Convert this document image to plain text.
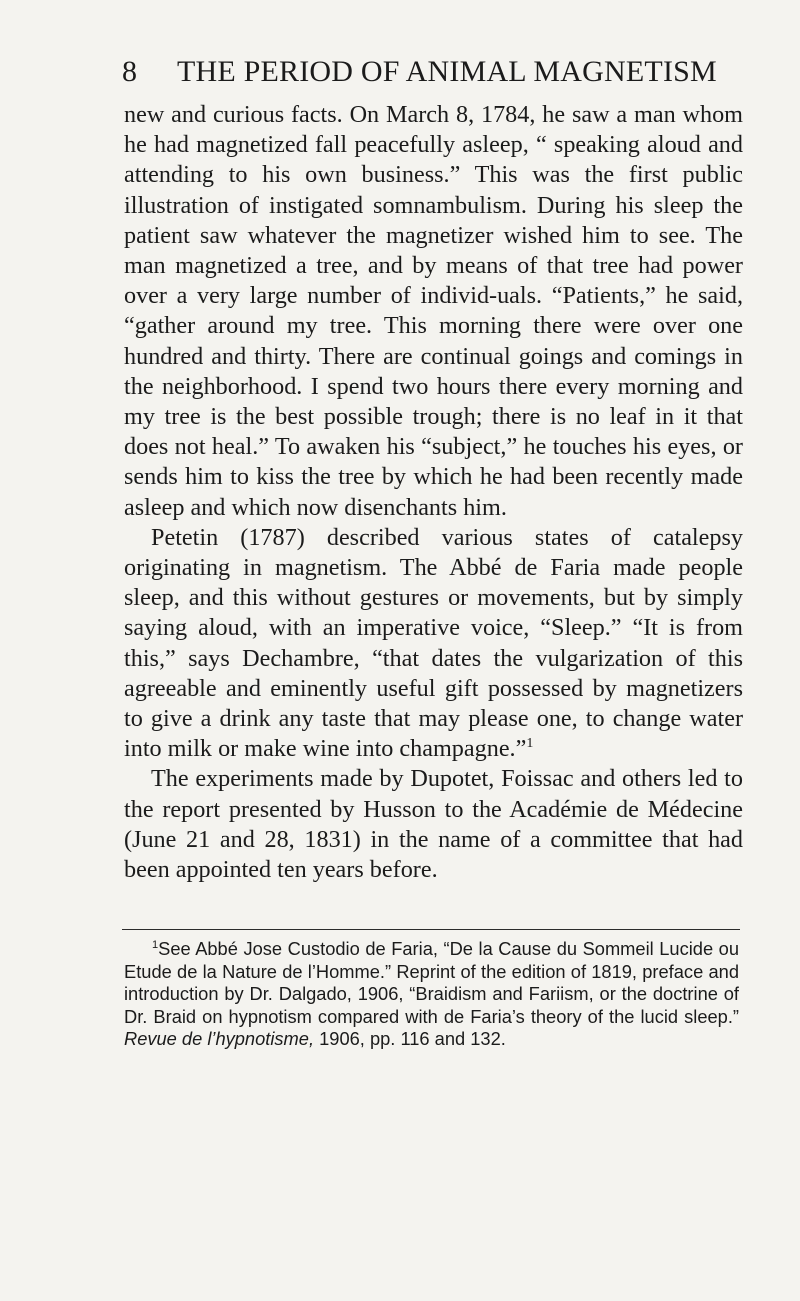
8 THE PERIOD OF ANIMAL MAGNETISM

new and curious facts. On March 8, 1784, he saw a man whom he had magnetized fall peacefully asleep, “ speaking aloud and attending to his own business.” This was the first public illustration of instigated somnambulism. During his sleep the patient saw whatever the magnetizer wished him to see. The man magnetized a tree, and by means of that tree had power over a very large number of individ-uals. “Patients,” he said, “gather around my tree. This morning there were over one hundred and thirty. There are continual goings and comings in the neighborhood. I spend two hours there every morning and my tree is the best possible trough; there is no leaf in it that does not heal.” To awaken his “subject,” he touches his eyes, or sends him to kiss the tree by which he had been recently made asleep and which now disenchants him.

Petetin (1787) described various states of catalepsy originating in magnetism. The Abbé de Faria made people sleep, and this without gestures or movements, but by simply saying aloud, with an imperative voice, “Sleep.” “It is from this,” says Dechambre, “that dates the vulgarization of this agreeable and eminently useful gift possessed by magnetizers to give a drink any taste that may please one, to change water into milk or make wine into champagne.”$^1$

The experiments made by Dupotet, Foissac and others led to the report presented by Husson to the Académie de Médecine (June 21 and 28, 1831) in the name of a committee that had been appointed ten years before.

$^1$See Abbé Jose Custodio de Faria, “De la Cause du Sommeil Lucide ou Etude de la Nature de l’Homme.” Reprint of the edition of 1819, preface and introduction by Dr. Dalgado, 1906, “Braidism and Fariism, or the doctrine of Dr. Braid on hypnotism compared with de Faria’s theory of the lucid sleep.” Revue de l’hypnotisme, 1906, pp. 116 and 132.
